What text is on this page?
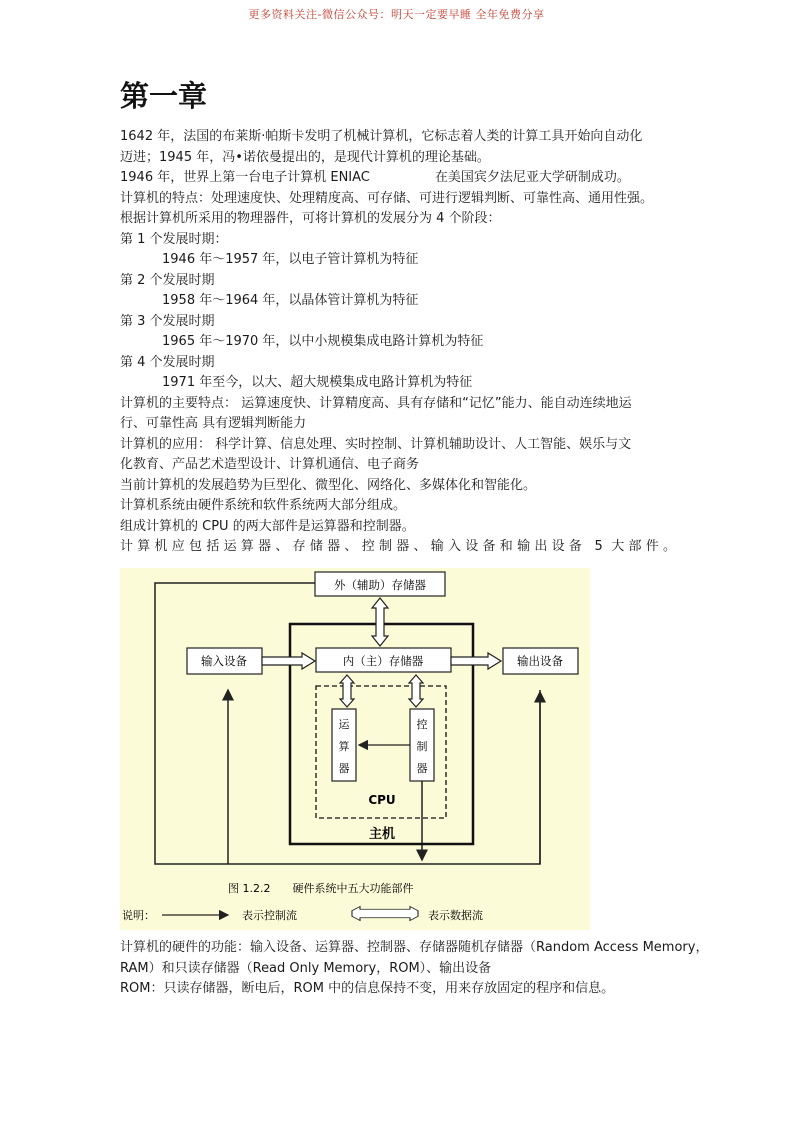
更多资料关注-微信公众号：明天一定要早睡 全年免费分享
第一章
1642 年，法国的布莱斯·帕斯卡发明了机械计算机，它标志着人类的计算工具开始向自动化
迈进；1945 年，冯•诺依曼提出的，是现代计算机的理论基础。
1946 年，世界上第一台电子计算机 ENIAC　　　　　在美国宾夕法尼亚大学研制成功。
计算机的特点：处理速度快、处理精度高、可存储、可进行逻辑判断、可靠性高、通用性强。
根据计算机所采用的物理器件，可将计算机的发展分为 4 个阶段：
第 1 个发展时期：
1946 年～1957 年，以电子管计算机为特征
第 2 个发展时期
1958 年～1964 年，以晶体管计算机为特征
第 3 个发展时期
1965 年～1970 年，以中小规模集成电路计算机为特征
第 4 个发展时期
1971 年至今，以大、超大规模集成电路计算机为特征
计算机的主要特点： 运算速度快、计算精度高、具有存储和“记忆”能力、能自动连续地运
行、可靠性高 具有逻辑判断能力
计算机的应用： 科学计算、信息处理、实时控制、计算机辅助设计、人工智能、娱乐与文
化教育、产品艺术造型设计、计算机通信、电子商务
当前计算机的发展趋势为巨型化、微型化、网络化、多媒体化和智能化。
计算机系统由硬件系统和软件系统两大部分组成。
组成计算机的 CPU 的两大部件是运算器和控制器。
计算机应包括运算器、存储器、控制器、输入设备和输出设备 5 大部件。
主机
CPU
外（辅助）存储器
内（主）存储器
输入设备	输出设备
运
算
器
控
制
器
图 1.2.2　　硬件系统中五大功能部件
说明：	表示控制流	表示数据流
计算机的硬件的功能：输入设备、运算器、控制器、存储器随机存储器（Random Access Memory，
RAM）和只读存储器（Read Only Memory，ROM）、输出设备
ROM：只读存储器，断电后，ROM 中的信息保持不变，用来存放固定的程序和信息。
